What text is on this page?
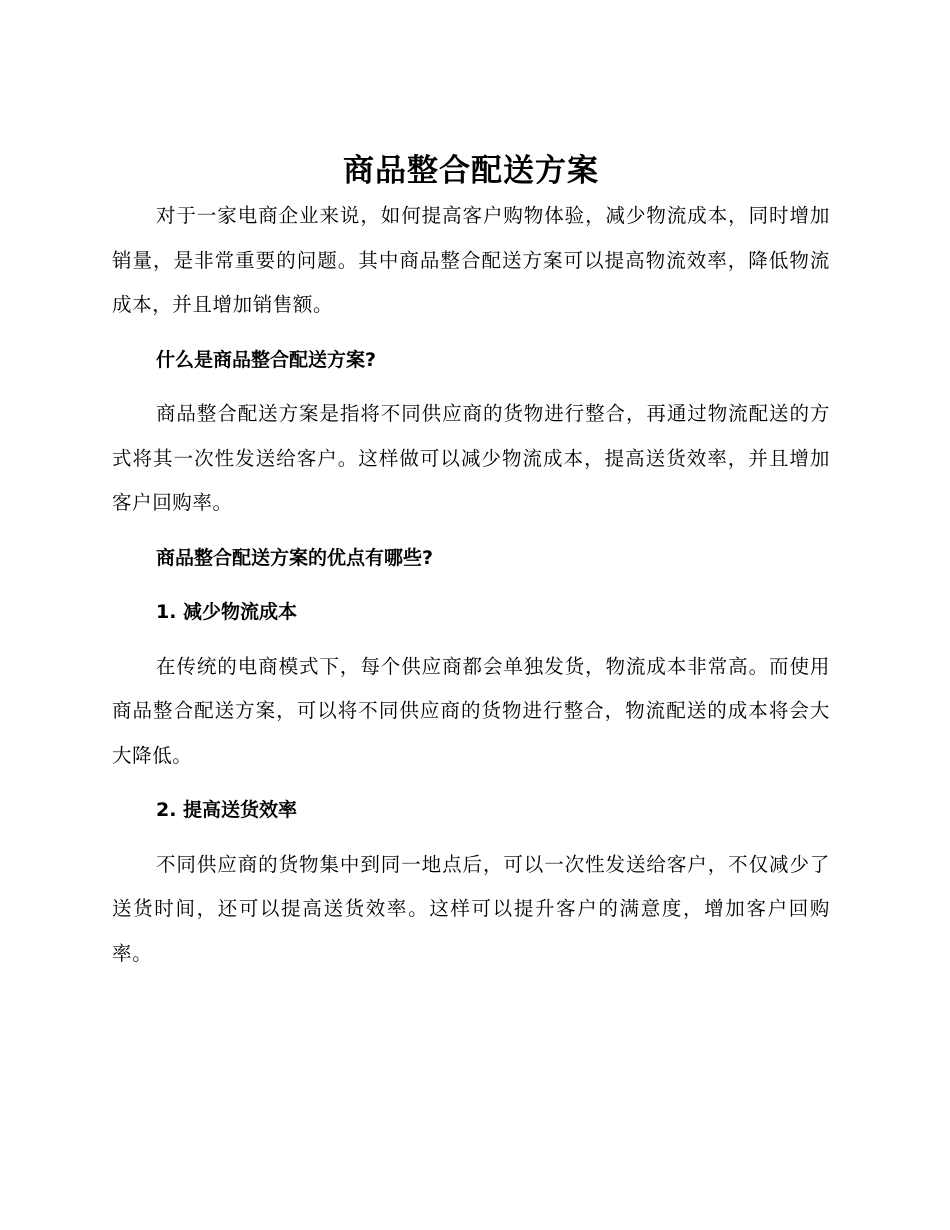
商品整合配送方案

对于一家电商企业来说，如何提高客户购物体验，减少物流成本，同时增加销量，是非常重要的问题。其中商品整合配送方案可以提高物流效率，降低物流成本，并且增加销售额。

什么是商品整合配送方案?

商品整合配送方案是指将不同供应商的货物进行整合，再通过物流配送的方式将其一次性发送给客户。这样做可以减少物流成本，提高送货效率，并且增加客户回购率。

商品整合配送方案的优点有哪些?

1. 减少物流成本

在传统的电商模式下，每个供应商都会单独发货，物流成本非常高。而使用商品整合配送方案，可以将不同供应商的货物进行整合，物流配送的成本将会大大降低。

2. 提高送货效率

不同供应商的货物集中到同一地点后，可以一次性发送给客户，不仅减少了送货时间，还可以提高送货效率。这样可以提升客户的满意度，增加客户回购率。
